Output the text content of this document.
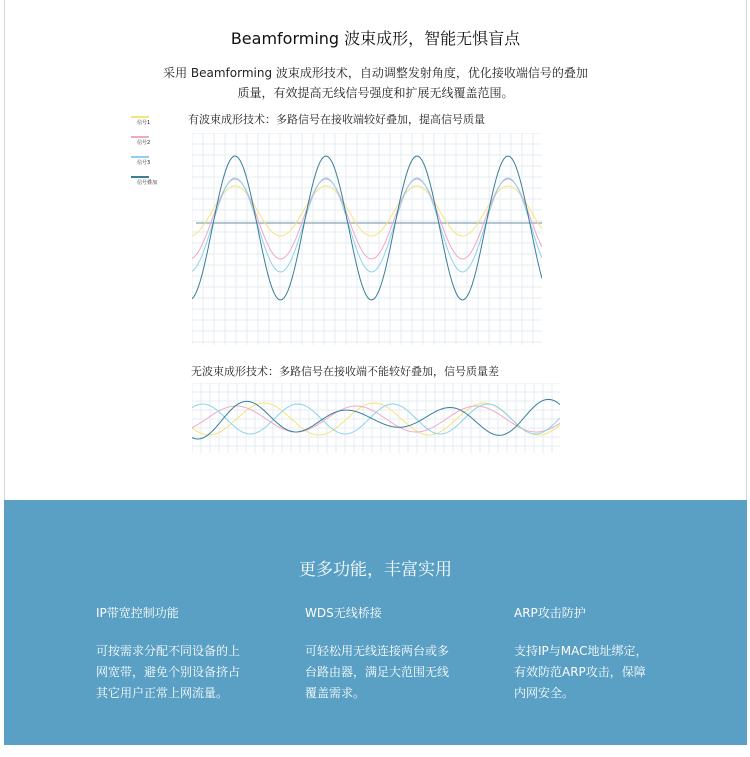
Beamforming 波束成形，智能无惧盲点
采用 Beamforming 波束成形技术，自动调整发射角度，优化接收端信号的叠加
质量，有效提高无线信号强度和扩展无线覆盖范围。
信号1
信号2
信号3
信号叠加
有波束成形技术：多路信号在接收端较好叠加，提高信号质量
无波束成形技术：多路信号在接收端不能较好叠加，信号质量差
更多功能，丰富实用
IP带宽控制功能
可按需求分配不同设备的上
网宽带，避免个别设备挤占
其它用户正常上网流量。
WDS无线桥接
可轻松用无线连接两台或多
台路由器，满足大范围无线
覆盖需求。
ARP攻击防护
支持IP与MAC地址绑定，
有效防范ARP攻击，保障
内网安全。
